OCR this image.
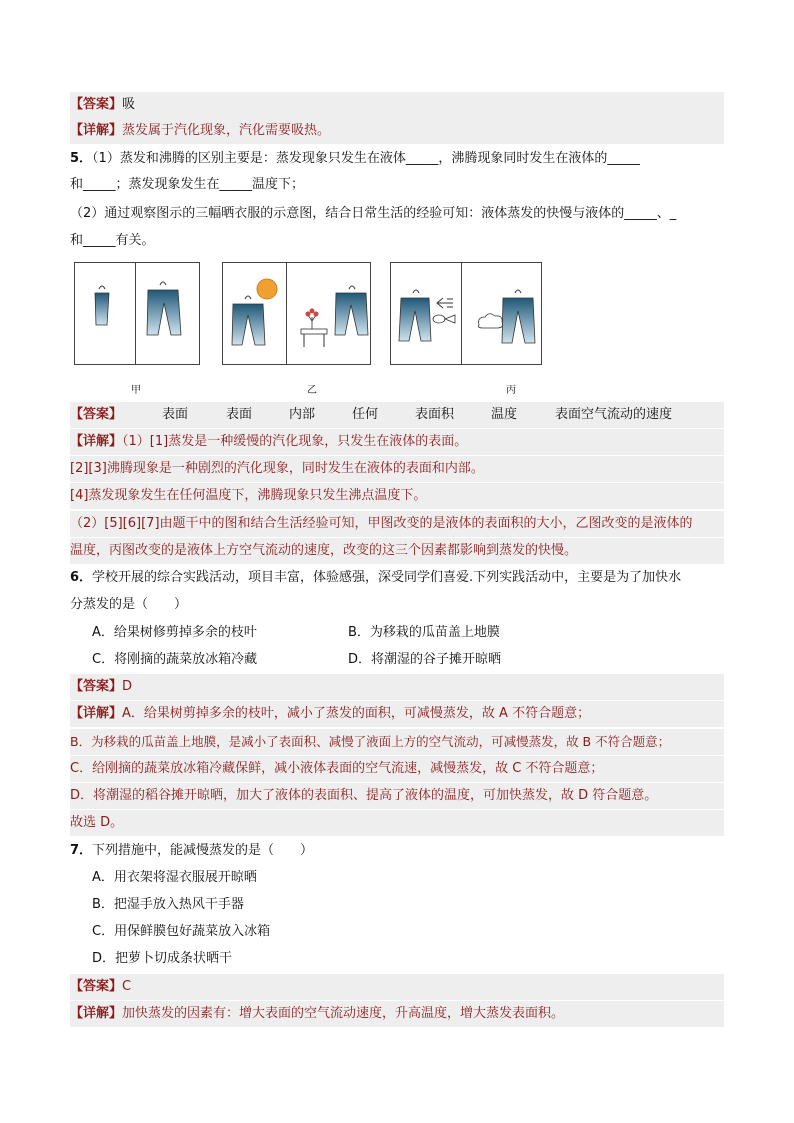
【答案】吸
【详解】蒸发属于汽化现象，汽化需要吸热。
5．（1）蒸发和沸腾的区别主要是：蒸发现象只发生在液体_____，沸腾现象同时发生在液体的_____
和_____；蒸发现象发生在_____温度下；
（2）通过观察图示的三幅晒衣服的示意图，结合日常生活的经验可知：液体蒸发的快慢与液体的_____、_
和_____有关。
甲	乙	丙
【答案】	表面	表面	内部	任何	表面积	温度	表面空气流动的速度
【详解】（1）[1]蒸发是一种缓慢的汽化现象，只发生在液体的表面。
[2][3]沸腾现象是一种剧烈的汽化现象，同时发生在液体的表面和内部。
[4]蒸发现象发生在任何温度下，沸腾现象只发生沸点温度下。
（2）[5][6][7]由题干中的图和结合生活经验可知，甲图改变的是液体的表面积的大小，乙图改变的是液体的
温度，丙图改变的是液体上方空气流动的速度，改变的这三个因素都影响到蒸发的快慢。
6．学校开展的综合实践活动，项目丰富，体验感强，深受同学们喜爱.下列实践活动中，主要是为了加快水
分蒸发的是（　　）
A．给果树修剪掉多余的枝叶	B．为移栽的瓜苗盖上地膜
C．将刚摘的蔬菜放冰箱冷藏	D．将潮湿的谷子摊开晾晒
【答案】D
【详解】A．给果树剪掉多余的枝叶，减小了蒸发的面积，可减慢蒸发，故 A 不符合题意；
B．为移栽的瓜苗盖上地膜，是减小了表面积、减慢了液面上方的空气流动，可减慢蒸发，故 B 不符合题意；
C．给刚摘的蔬菜放冰箱冷藏保鲜，减小液体表面的空气流速，减慢蒸发，故 C 不符合题意；
D．将潮湿的稻谷摊开晾晒，加大了液体的表面积、提高了液体的温度，可加快蒸发，故 D 符合题意。
故选 D。
7．下列措施中，能减慢蒸发的是（　　）
A．用衣架将湿衣服展开晾晒
B．把湿手放入热风干手器
C．用保鲜膜包好蔬菜放入冰箱
D．把萝卜切成条状晒干
【答案】C
【详解】加快蒸发的因素有：增大表面的空气流动速度，升高温度，增大蒸发表面积。
